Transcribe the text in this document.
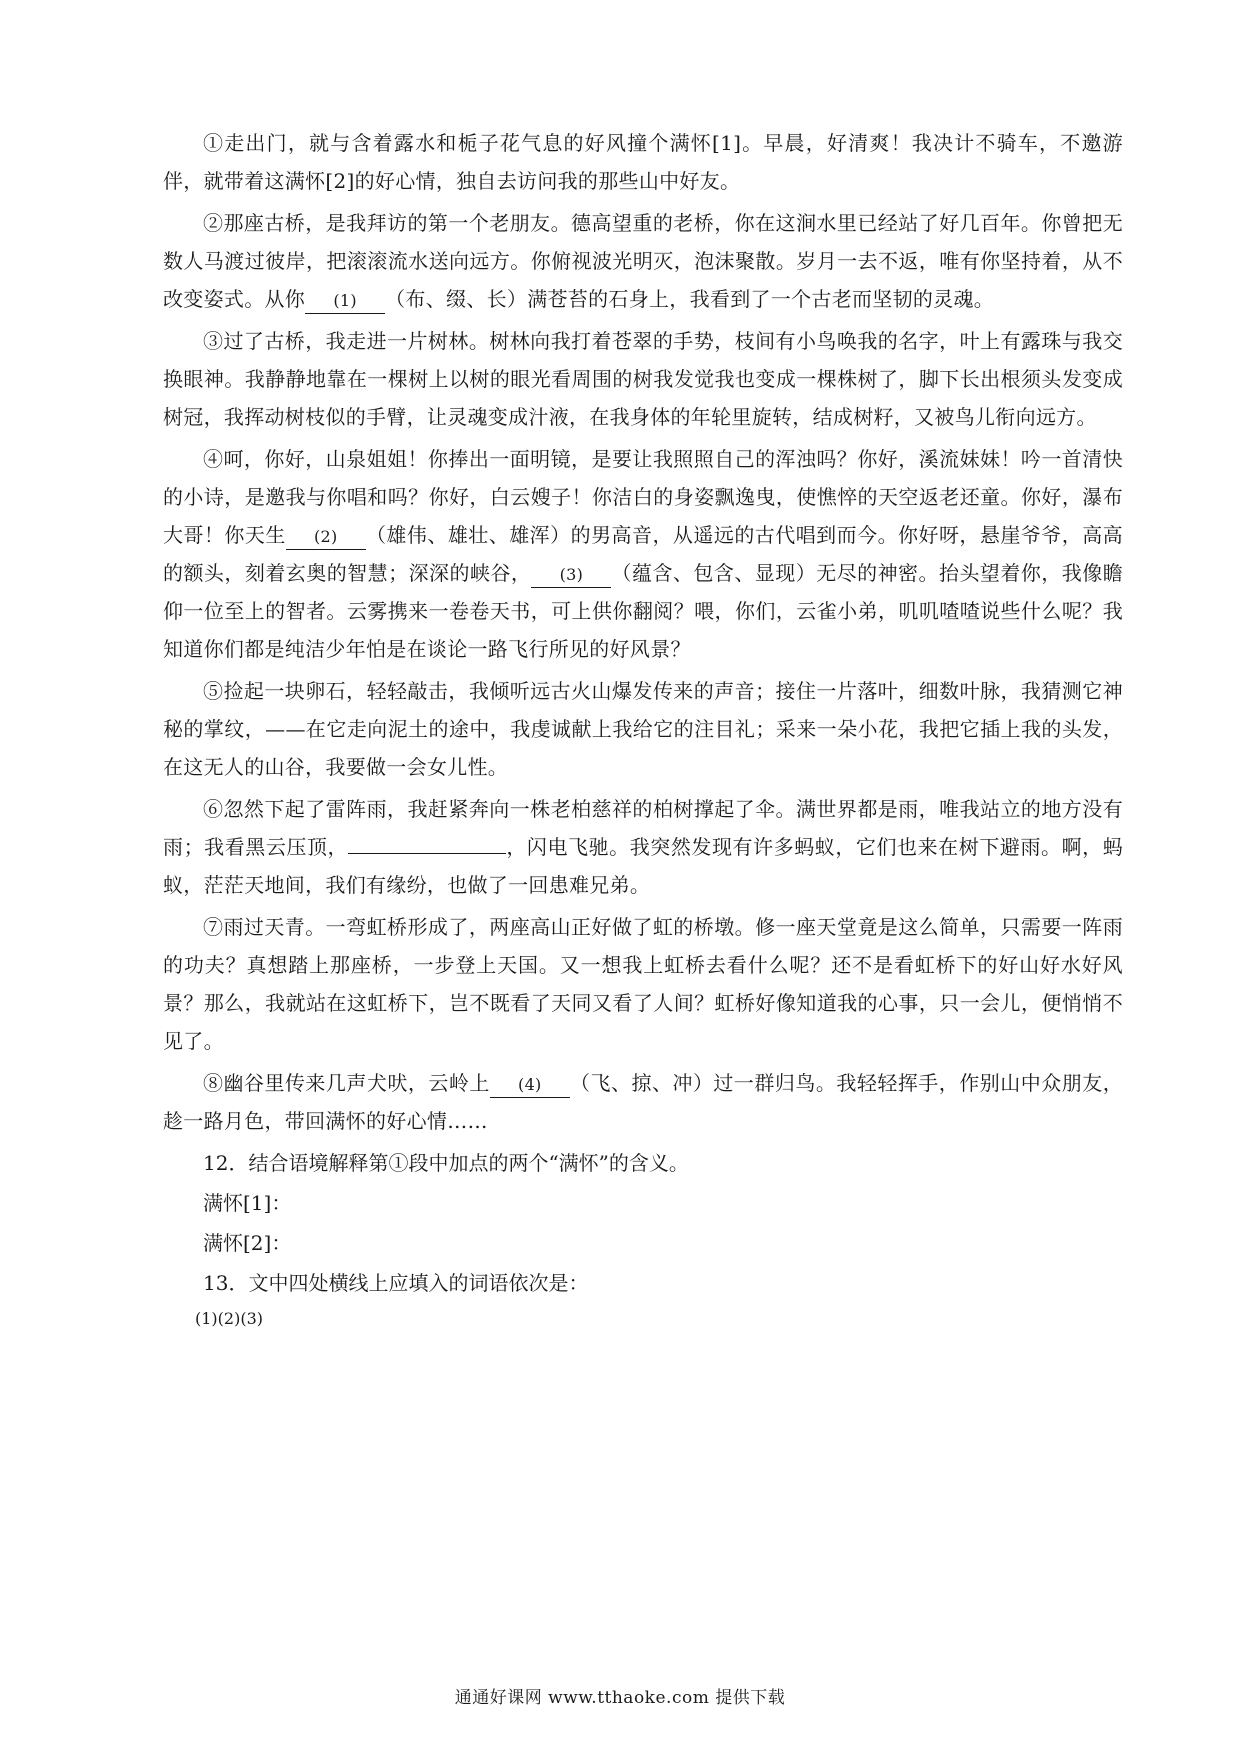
①走出门，就与含着露水和栀子花气息的好风撞个满怀[1]。早晨，好清爽！我决计不骑车，不邀游伴，就带着这满怀[2]的好心情，独自去访问我的那些山中好友。

②那座古桥，是我拜访的第一个老朋友。德高望重的老桥，你在这涧水里已经站了好几百年。你曾把无数人马渡过彼岸，把滚滚流水送向远方。你俯视波光明灭，泡沫聚散。岁月一去不返，唯有你坚持着，从不改变姿式。从你 (1) （布、缀、长）满苍苔的石身上，我看到了一个古老而坚韧的灵魂。

③过了古桥，我走进一片树林。树林向我打着苍翠的手势，枝间有小鸟唤我的名字，叶上有露珠与我交换眼神。我静静地靠在一棵树上以树的眼光看周围的树我发觉我也变成一棵株树了，脚下长出根须头发变成树冠，我挥动树枝似的手臂，让灵魂变成汁液，在我身体的年轮里旋转，结成树籽，又被鸟儿衔向远方。

④呵，你好，山泉姐姐！你捧出一面明镜，是要让我照照自己的浑浊吗？你好，溪流妹妹！吟一首清快的小诗，是邀我与你唱和吗？你好，白云嫂子！你洁白的身姿飘逸曳，使憔悴的天空返老还童。你好，瀑布大哥！你天生 (2) （雄伟、雄壮、雄浑）的男高音，从遥远的古代唱到而今。你好呀，悬崖爷爷，高高的额头，刻着玄奥的智慧；深深的峡谷， (3) （蕴含、包含、显现）无尽的神密。抬头望着你，我像瞻仰一位至上的智者。云雾携来一卷卷天书，可上供你翻阅？喂，你们，云雀小弟，叽叽喳喳说些什么呢？我知道你们都是纯洁少年怕是在谈论一路飞行所见的好风景？

⑤捡起一块卵石，轻轻敲击，我倾听远古火山爆发传来的声音；接住一片落叶，细数叶脉，我猜测它神秘的掌纹，——在它走向泥土的途中，我虔诚献上我给它的注目礼；采来一朵小花，我把它插上我的头发，在这无人的山谷，我要做一会女儿性。

⑥忽然下起了雷阵雨，我赶紧奔向一株老柏慈祥的柏树撑起了伞。满世界都是雨，唯我站立的地方没有雨；我看黑云压顶，	，闪电飞驰。我突然发现有许多蚂蚁，它们也来在树下避雨。啊，蚂蚁，茫茫天地间，我们有缘纷，也做了一回患难兄弟。

⑦雨过天青。一弯虹桥形成了，两座高山正好做了虹的桥墩。修一座天堂竟是这么简单，只需要一阵雨的功夫？真想踏上那座桥，一步登上天国。又一想我上虹桥去看什么呢？还不是看虹桥下的好山好水好风景？那么，我就站在这虹桥下，岂不既看了天同又看了人间？虹桥好像知道我的心事，只一会儿，便悄悄不见了。

⑧幽谷里传来几声犬吠，云岭上 (4) （飞、掠、冲）过一群归鸟。我轻轻挥手，作别山中众朋友，趁一路月色，带回满怀的好心情……

12．结合语境解释第①段中加点的两个“满怀”的含义。

满怀[1]：

满怀[2]：

13．文中四处横线上应填入的词语依次是：

(1)(2)(3)

通通好课网 www.tthaoke.com 提供下载
